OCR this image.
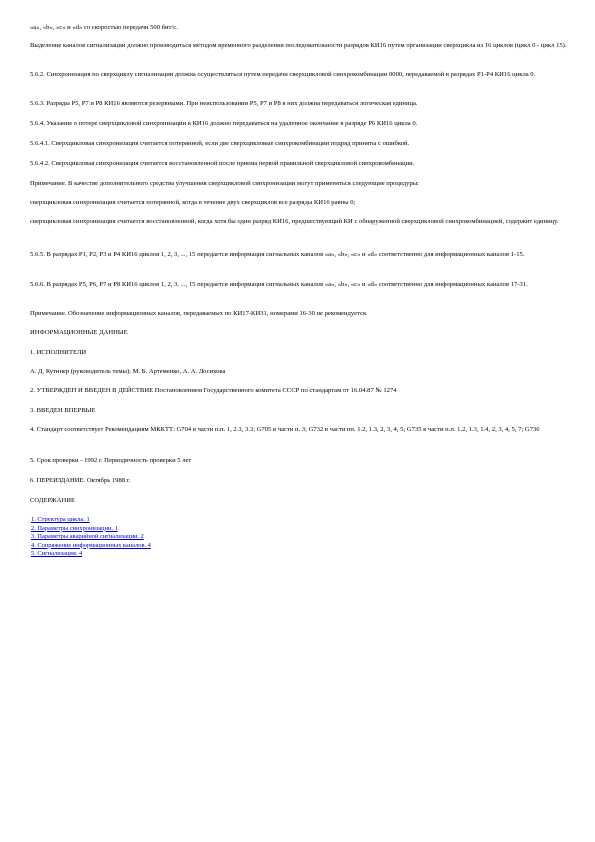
«а», «b», «c» и «d» со скоростью передачи 500 бит/с.

Выделение каналов сигнализации должно производиться методом временного разделения последовательности разрядов КИ16 путем организации сверхцикла из 16 циклов (цикл 0 - цикл 15).

5.6.2. Синхронизация по сверхциклу сигнализации должна осуществляться путем передачи сверхцикловой синхрокомбинации 0000, передаваемой в разрядах Р1-Р4 КИ16 цикла 0.

5.6.3. Разряды Р5, Р7 и Р8 КИ16 являются резервными. При неиспользовании Р5, Р7 и Р8 в них должна передаваться логическая единица.

5.6.4. Указание о потере сверхцикловой синхронизации в КИ16 должно передаваться на удаленное окончание в разряде Р6 КИ16 цикла 0.

5.6.4.1. Сверхцикловая синхронизация считается потерянной, если две сверхцикловые синхрокомбинации подряд приняты с ошибкой.

5.6.4.2. Сверхцикловая синхронизация считается восстановленной после приема первой правильной сверхцикловой синхрокомбинации.

Примечание. В качестве дополнительного средства улучшения сверхцикловой синхронизации могут применяться следующие процедуры:

сверхцикловая синхронизация считается потерянной, когда в течение двух сверхциклов все разряды КИ16 равны 0;

сверхцикловая синхронизация считается восстановленной, когда хотя бы один разряд КИ16, предшествующий КИ с обнаруженной сверхцикловой синхрокомбинацией, содержит единицу.

5.6.5. В разрядах Р1, Р2, Р3 и Р4 КИ16 циклов 1, 2, 3, ..., 15 передается информация сигнальных каналов «а», «b», «c» и «d» соответственно для информационных каналов 1-15.

5.6.6. В разрядах Р5, Р6, Р7 и Р8 КИ16 циклов 1, 2, 3, ..., 15 передается информация сигнальных каналов «а», «b», «c» и «d» соответственно для информационных каналов 17-31.

Примечание. Обозначение информационных каналов, передаваемых по КИ17-КИ31, номерами 16-30 не рекомендуется.

ИНФОРМАЦИОННЫЕ ДАННЫЕ

1. ИСПОЛНИТЕЛИ

А. Д. Кутинер (руководитель темы); М. Б. Артеменко, А. А. Лосихова

2. УТВЕРЖДЕН И ВВЕДЕН В ДЕЙСТВИЕ Постановлением Государственного комитета СССР по стандартам от 16.04.87 № 1274

3. ВВЕДЕН ВПЕРВЫЕ

4. Стандарт соответствует Рекомендациям МККТТ: G704 в части п.п. 1, 2.3, 3.3; G705 в части п. 3; G732 в части пп. 1.2, 1.3, 2, 3, 4, 5; G735 в части п.п. 1.2, 1.3, 1.4, 2, 3, 4, 5, 7; G736

5. Срок проверки - 1992 г. Периодичность проверки 5 лет

6. ПЕРЕИЗДАНИЕ. Октябрь 1988 г.

СОДЕРЖАНИЕ

1. Структура цикла. 1
2. Параметры синхронизации. 1
3. Параметры аварийной сигнализации. 2
4. Сопряжение информационных каналов. 4
5. Сигнализация. 4
